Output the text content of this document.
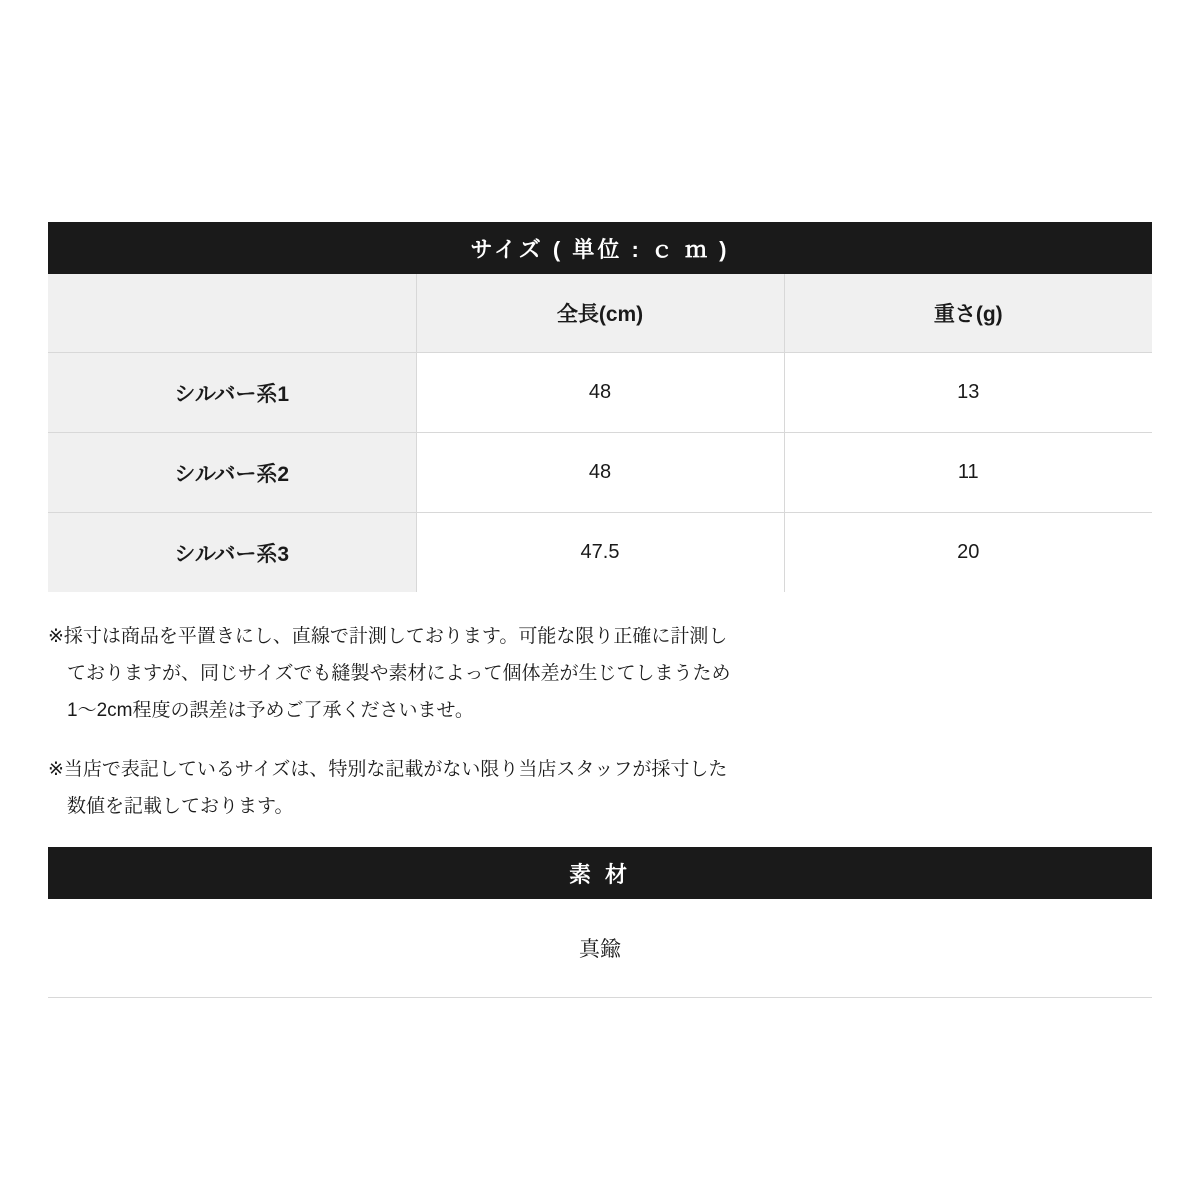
サイズ ( 単位 : ｃ ｍ )		
	全長(cm)	重さ(g)
シルバー系1	48	13
シルバー系2	48	11
シルバー系3	47.5	20
※採寸は商品を平置きにし、直線で計測しております。可能な限り正確に計測し
ておりますが、同じサイズでも縫製や素材によって個体差が生じてしまうため
1〜2cm程度の誤差は予めご了承くださいませ。
※当店で表記しているサイズは、特別な記載がない限り当店スタッフが採寸した
数値を記載しております。
素 材
真鍮
